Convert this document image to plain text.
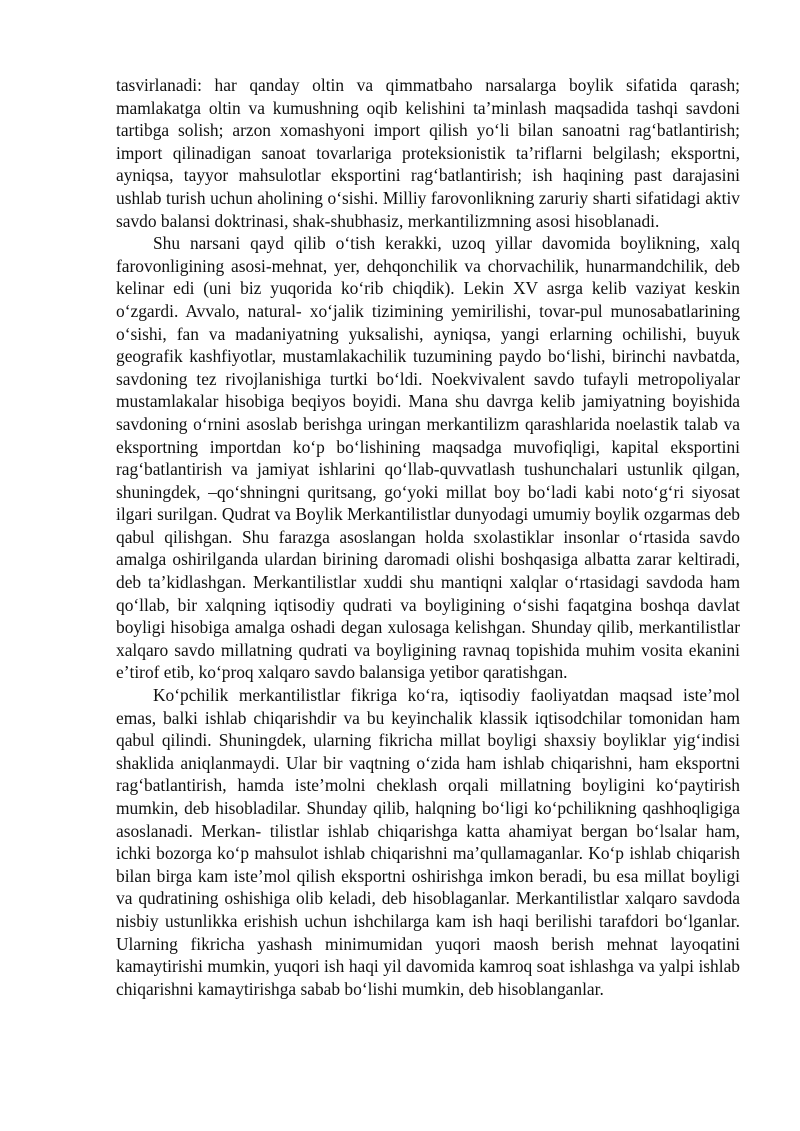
tasvirlanadi: har qanday oltin va qimmatbaho narsalarga boylik sifatida qarash; mamlakatga oltin va kumushning oqib kelishini taʼminlash maqsadida tashqi savdoni tartibga solish; arzon xomashyoni import qilish yoʻli bilan sanoatni ragʻbatlantirish; import qilinadigan sanoat tovarlariga proteksionistik taʼriflarni belgilash; eksportni, ayniqsa, tayyor mahsulotlar eksportini ragʻbatlantirish; ish haqining past darajasini ushlab turish uchun aholining oʻsishi. Milliy farovonlikning zaruriy sharti sifatidagi aktiv savdo balansi doktrinasi, shak-shubhasiz, merkantilizmning asosi hisoblanadi.

Shu narsani qayd qilib oʻtish kerakki, uzoq yillar davomida boylikning, xalq farovonligining asosi-mehnat, yer, dehqonchilik va chorvachilik, hunarmandchilik, deb kelinar edi (uni biz yuqorida koʻrib chiqdik). Lekin XV asrga kelib vaziyat keskin oʻzgardi. Avvalo, natural- xoʻjalik tizimining yemirilishi, tovar-pul munosabatlarining oʻsishi, fan va madaniyatning yuksalishi, ayniqsa, yangi erlarning ochilishi, buyuk geografik kashfiyotlar, mustamlakachilik tuzumining paydo boʻlishi, birinchi navbatda, savdoning tez rivojlanishiga turtki boʻldi. Noekvivalent savdo tufayli metropoliyalar mustamlakalar hisobiga beqiyos boyidi. Mana shu davrga kelib jamiyatning boyishida savdoning oʻrnini asoslab berishga uringan merkantilizm qarashlarida noelastik talab va eksportning importdan koʻp boʻlishining maqsadga muvofiqligi, kapital eksportini ragʻbatlantirish va jamiyat ishlarini qoʻllab-quvvatlash tushunchalari ustunlik qilgan, shuningdek, –qoʻshningni quritsang, goʻyoki millat boy boʻladi kabi notoʻgʻri siyosat ilgari surilgan. Qudrat va Boylik Merkantilistlar dunyodagi umumiy boylik ozgarmas deb qabul qilishgan. Shu farazga asoslangan holda sxolastiklar insonlar oʻrtasida savdo amalga oshirilganda ulardan birining daromadi olishi boshqasiga albatta zarar keltiradi, deb taʼkidlashgan. Merkantilistlar xuddi shu mantiqni xalqlar oʻrtasidagi savdoda ham qoʻllab, bir xalqning iqtisodiy qudrati va boyligining oʻsishi faqatgina boshqa davlat boyligi hisobiga amalga oshadi degan xulosaga kelishgan. Shunday qilib, merkantilistlar xalqaro savdo millatning qudrati va boyligining ravnaq topishida muhim vosita ekanini eʼtirof etib, koʻproq xalqaro savdo balansiga yetibor qaratishgan.

Koʻpchilik merkantilistlar fikriga koʻra, iqtisodiy faoliyatdan maqsad isteʼmol emas, balki ishlab chiqarishdir va bu keyinchalik klassik iqtisodchilar tomonidan ham qabul qilindi. Shuningdek, ularning fikricha millat boyligi shaxsiy boyliklar yigʻindisi shaklida aniqlanmaydi. Ular bir vaqtning oʻzida ham ishlab chiqarishni, ham eksportni ragʻbatlantirish, hamda isteʼmolni cheklash orqali millatning boyligini koʻpaytirish mumkin, deb hisobladilar. Shunday qilib, halqning boʻligi koʻpchilikning qashhoqligiga asoslanadi. Merkan- tilistlar ishlab chiqarishga katta ahamiyat bergan boʻlsalar ham, ichki bozorga koʻp mahsulot ishlab chiqarishni maʼqullamaganlar. Koʻp ishlab chiqarish bilan birga kam isteʼmol qilish eksportni oshirishga imkon beradi, bu esa millat boyligi va qudratining oshishiga olib keladi, deb hisoblaganlar. Merkantilistlar xalqaro savdoda nisbiy ustunlikka erishish uchun ishchilarga kam ish haqi berilishi tarafdori boʻlganlar. Ularning fikricha yashash minimumidan yuqori maosh berish mehnat layoqatini kamaytirishi mumkin, yuqori ish haqi yil davomida kamroq soat ishlashga va yalpi ishlab chiqarishni kamaytirishga sabab boʻlishi mumkin, deb hisoblanganlar.
